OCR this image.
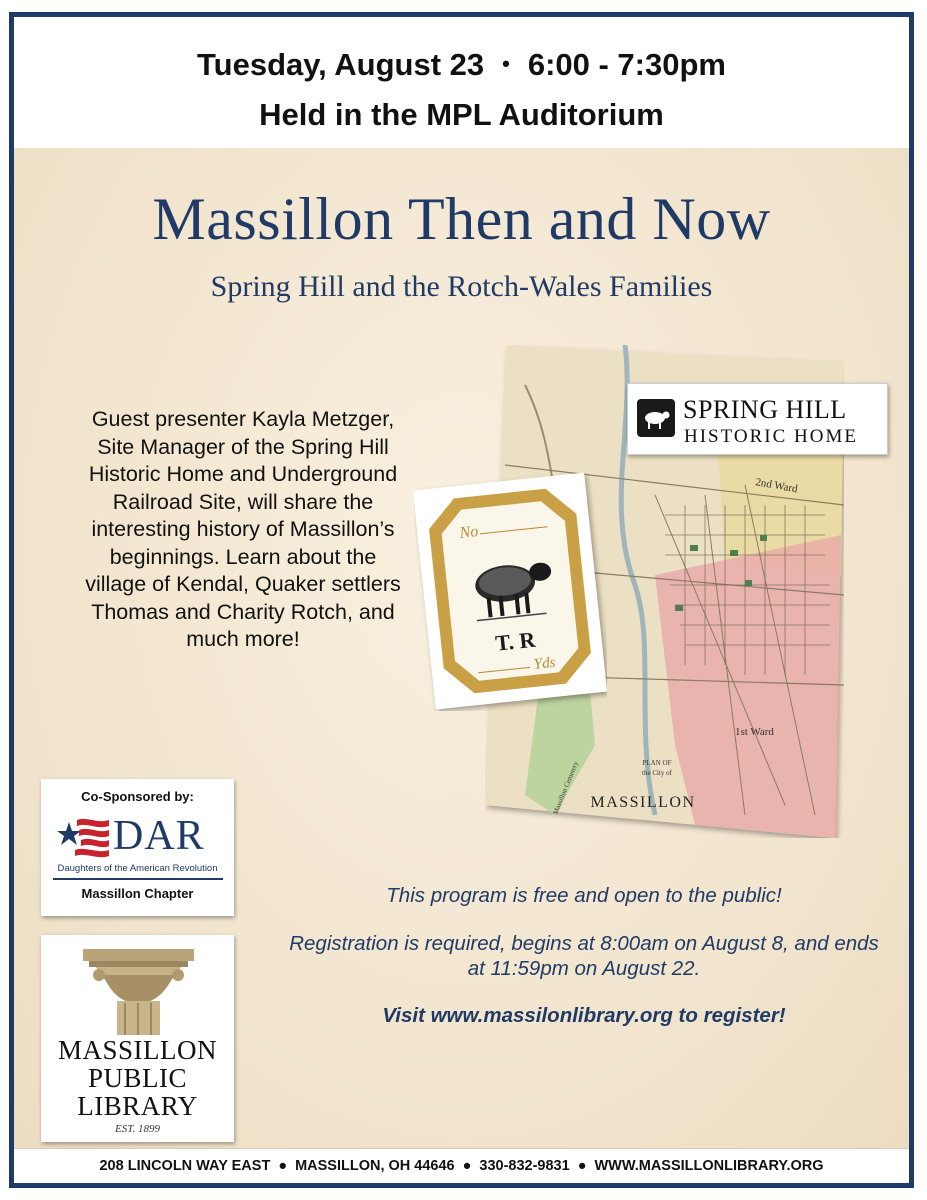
Tuesday, August 23 • 6:00 - 7:30pm
Held in the MPL Auditorium
Massillon Then and Now
Spring Hill and the Rotch-Wales Families
Guest presenter Kayla Metzger, Site Manager of the Spring Hill Historic Home and Underground Railroad Site, will share the interesting history of Massillon’s beginnings. Learn about the village of Kendal, Quaker settlers Thomas and Charity Rotch, and much more!
PLAN OF
the City of
MASSILLON
1st Ward
2nd Ward
Massillon Cemetery
SPRING HILL
HISTORIC HOME
No
T. R
Yds
Co-Sponsored by:
DAR
Daughters of the American Revolution
Massillon Chapter
MASSILLON
PUBLIC
LIBRARY
EST. 1899
This program is free and open to the public!
Registration is required, begins at 8:00am on August 8, and ends at 11:59pm on August 22.
Visit www.massilonlibrary.org to register!
208 LINCOLN WAY EAST ● MASSILLON, OH 44646 ● 330-832-9831 ● WWW.MASSILLONLIBRARY.ORG
